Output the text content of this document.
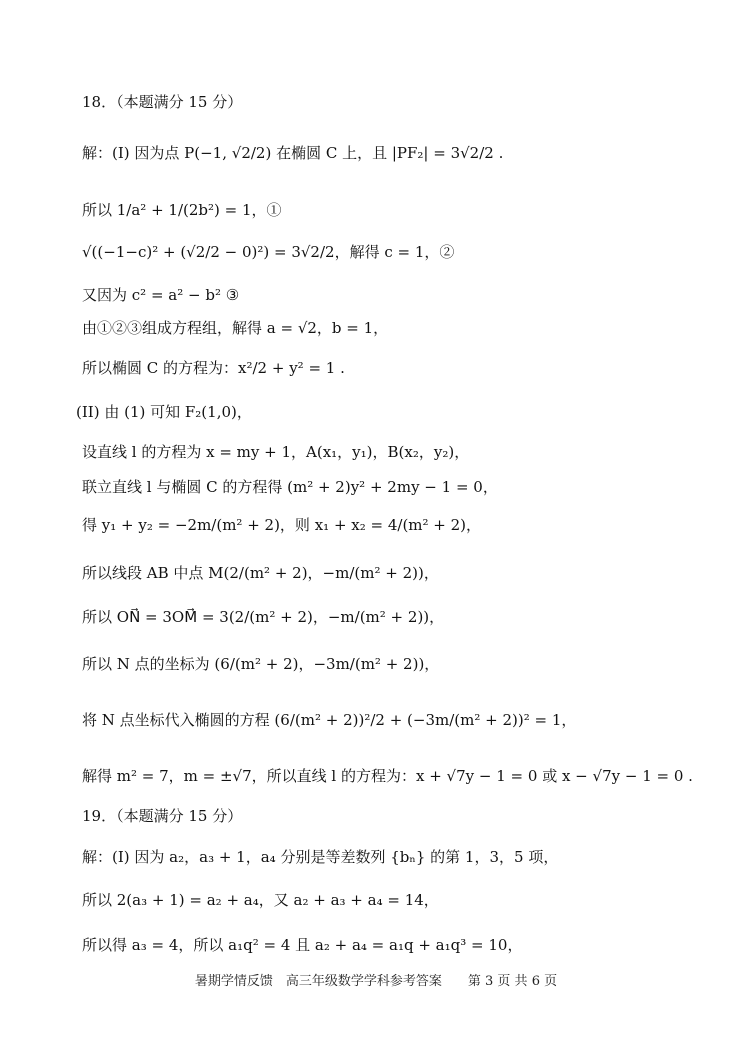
18．（本题满分 15 分）
解：(I) 因为点 P(−1, √2/2) 在椭圆 C 上，且 |PF₂| = 3√2/2 .
所以 1/a² + 1/(2b²) = 1，①
√((−1−c)² + (√2/2 − 0)²) = 3√2/2，解得 c = 1，②
又因为 c² = a² − b² ③
由①②③组成方程组，解得 a = √2，b = 1，
所以椭圆 C 的方程为：x²/2 + y² = 1 .
(II) 由 (1) 可知 F₂(1,0)，
设直线 l 的方程为 x = my + 1，A(x₁，y₁)，B(x₂，y₂)，
联立直线 l 与椭圆 C 的方程得 (m² + 2)y² + 2my − 1 = 0，
得 y₁ + y₂ = −2m/(m² + 2)，则 x₁ + x₂ = 4/(m² + 2)，
所以线段 AB 中点 M(2/(m² + 2)，−m/(m² + 2))，
所以 ON⃗ = 3OM⃗ = 3(2/(m² + 2)，−m/(m² + 2))，
所以 N 点的坐标为 (6/(m² + 2)，−3m/(m² + 2))，
将 N 点坐标代入椭圆的方程 (6/(m² + 2))²/2 + (−3m/(m² + 2))² = 1，
解得 m² = 7，m = ±√7，所以直线 l 的方程为：x + √7y − 1 = 0 或 x − √7y − 1 = 0 .
19．（本题满分 15 分）
解：(I) 因为 a₂，a₃ + 1，a₄ 分别是等差数列 {bₙ} 的第 1，3，5 项，
所以 2(a₃ + 1) = a₂ + a₄，又 a₂ + a₃ + a₄ = 14，
所以得 a₃ = 4，所以 a₁q² = 4 且 a₂ + a₄ = a₁q + a₁q³ = 10，
暑期学情反馈　高三年级数学学科参考答案　　第 3 页 共 6 页
